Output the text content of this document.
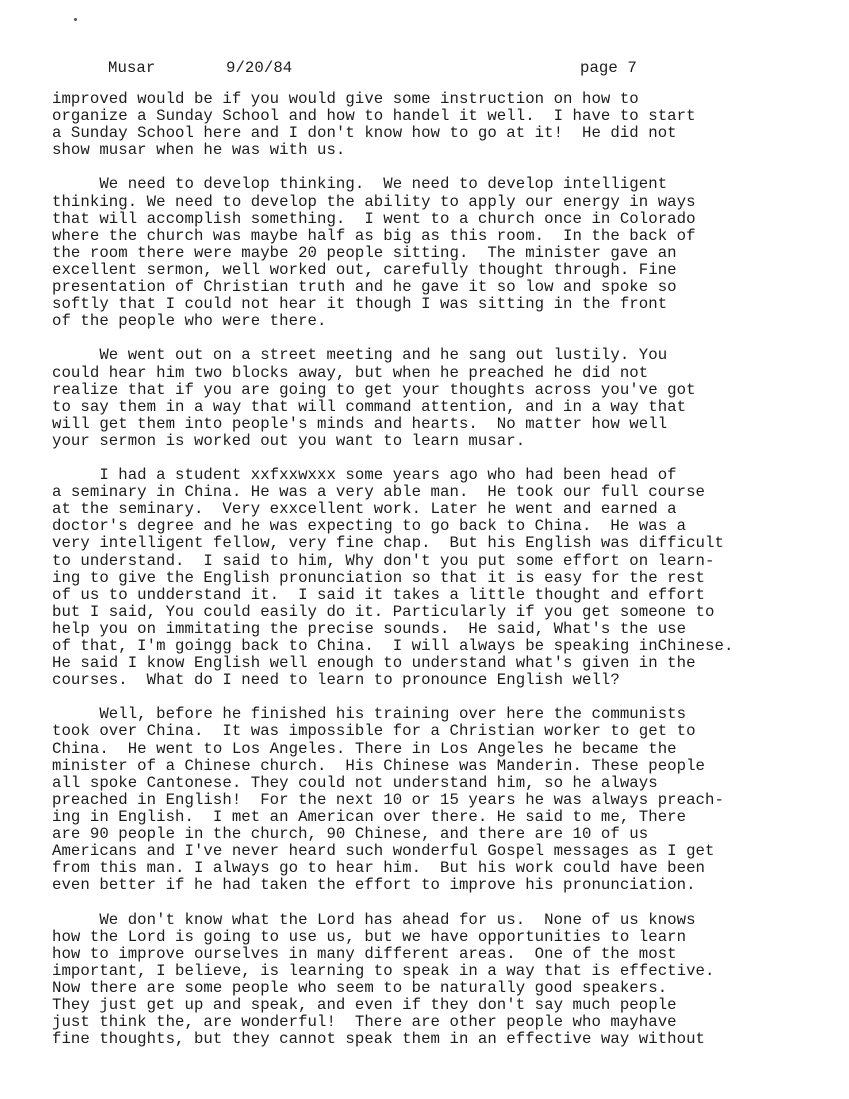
Musar	9/20/84	page 7
improved would be if you would give some instruction on how to
organize a Sunday School and how to handel it well.  I have to start
a Sunday School here and I don't know how to go at it!  He did not
show musar when he was with us.
We need to develop thinking.  We need to develop intelligent
thinking. We need to develop the ability to apply our energy in ways
that will accomplish something.  I went to a church once in Colorado
where the church was maybe half as big as this room.  In the back of
the room there were maybe 20 people sitting.  The minister gave an
excellent sermon, well worked out, carefully thought through. Fine
presentation of Christian truth and he gave it so low and spoke so
softly that I could not hear it though I was sitting in the front
of the people who were there.
We went out on a street meeting and he sang out lustily. You
could hear him two blocks away, but when he preached he did not
realize that if you are going to get your thoughts across you've got
to say them in a way that will command attention, and in a way that
will get them into people's minds and hearts.  No matter how well
your sermon is worked out you want to learn musar.
I had a student xxfxxwxxx some years ago who had been head of
a seminary in China. He was a very able man.  He took our full course
at the seminary.  Very exxcellent work. Later he went and earned a
doctor's degree and he was expecting to go back to China.  He was a
very intelligent fellow, very fine chap.  But his English was difficult
to understand.  I said to him, Why don't you put some effort on learn-
ing to give the English pronunciation so that it is easy for the rest
of us to undderstand it.  I said it takes a little thought and effort
but I said, You could easily do it. Particularly if you get someone to
help you on immitating the precise sounds.  He said, What's the use
of that, I'm goingg back to China.  I will always be speaking inChinese.
He said I know English well enough to understand what's given in the
courses.  What do I need to learn to pronounce English well?
Well, before he finished his training over here the communists
took over China.  It was impossible for a Christian worker to get to
China.  He went to Los Angeles. There in Los Angeles he became the
minister of a Chinese church.  His Chinese was Manderin. These people
all spoke Cantonese. They could not understand him, so he always
preached in English!  For the next 10 or 15 years he was always preach-
ing in English.  I met an American over there. He said to me, There
are 90 people in the church, 90 Chinese, and there are 10 of us
Americans and I've never heard such wonderful Gospel messages as I get
from this man. I always go to hear him.  But his work could have been
even better if he had taken the effort to improve his pronunciation.
We don't know what the Lord has ahead for us.  None of us knows
how the Lord is going to use us, but we have opportunities to learn
how to improve ourselves in many different areas.  One of the most
important, I believe, is learning to speak in a way that is effective.
Now there are some people who seem to be naturally good speakers.
They just get up and speak, and even if they don't say much people
just think the, are wonderful!  There are other people who mayhave
fine thoughts, but they cannot speak them in an effective way without
